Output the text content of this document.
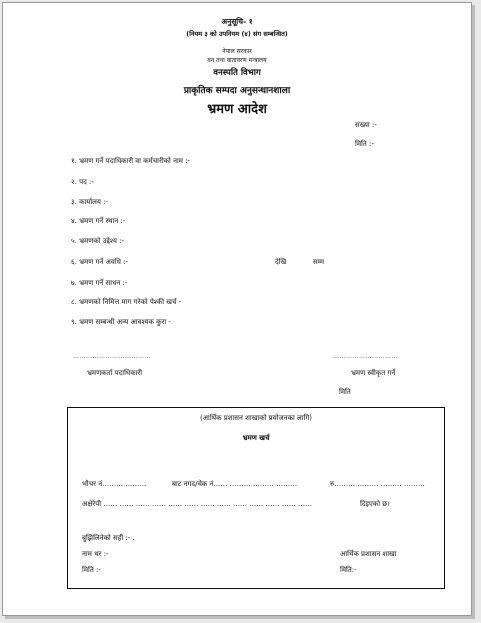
अनुसूचि- १
(नियम ३ को उपनियम (४) संग सम्बन्धित)
नेपाल सरकार
वन तथा वातावरण मन्त्रालय
वनस्पति विभाग
प्राकृतिक सम्पदा अनुसन्धानशाला
भ्रमण आदेश
संख्या :-
मिति :-
१. भ्रमण गर्ने पदाधिकारी वा कर्मचारीको नाम :-
२. पद :-
३. कार्यालय :-
४. भ्रमण गर्ने स्थान :-
५. भ्रमणको उद्देश्य :-
६. भ्रमण गर्ने अवधि :-	देखि	सम्म
७. भ्रमण गर्ने साधन :-
८. भ्रमणको निमित्त माग गरेको पेश्की खर्च -
९. भ्रमण सम्बन्धी अन्य आवश्यक कुरा -
………………………………	…………………………
भ्रमणकर्ता पदाधिकारी	भ्रमण स्वीकृत गर्ने
मिति
(आर्थिक प्रशासन शाखाको प्रयोजनका लागि)
भ्रमण खर्च
भौचर नं……… ………	बाट नगद/चेक नं…… ……… ……… ………	रु……… ……… ……… ………
अक्षेरेपी …… …… …… …… …… …… …… …… …… …… …… …… ……	दिइएको छ।
बुझिलिनेको सही :- .
नाम थर :-	आर्थिक प्रशासन शाखा
मिति :-	मिति:-
